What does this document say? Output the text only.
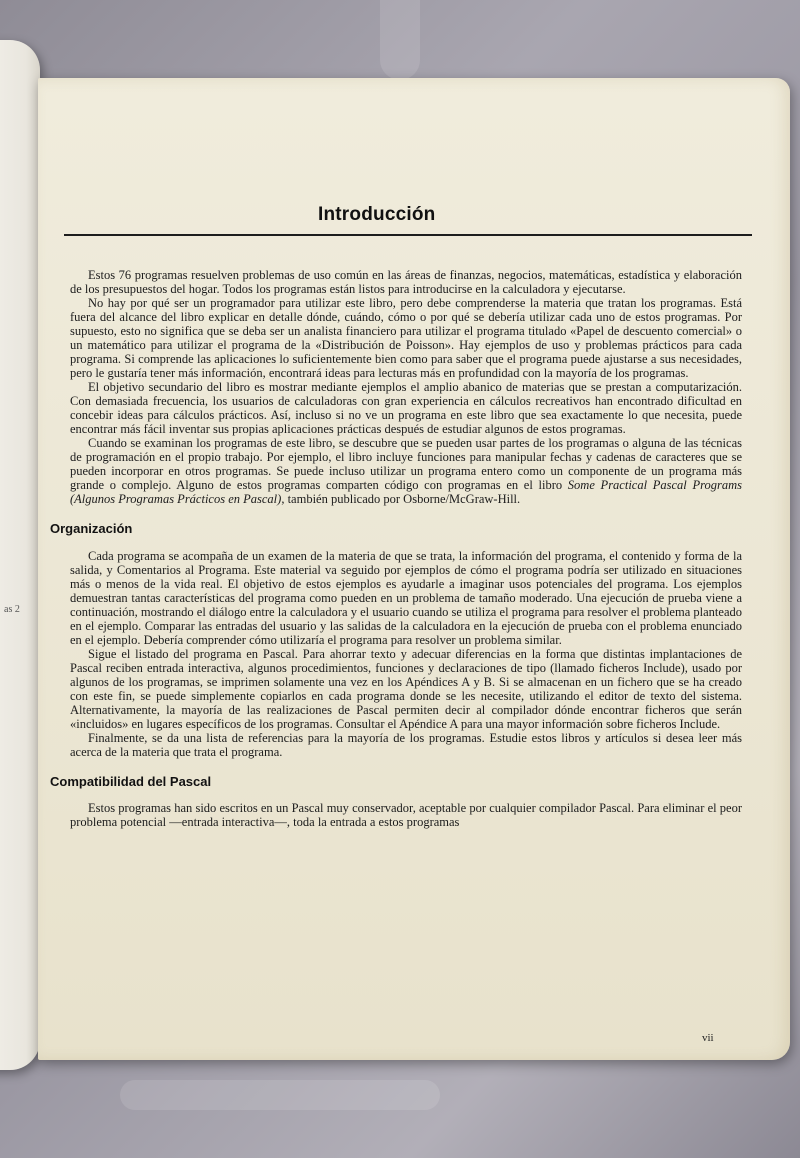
as 2
Introducción

Estos 76 programas resuelven problemas de uso común en las áreas de finanzas, negocios, matemáticas, estadística y elaboración de los presupuestos del hogar. Todos los programas están listos para introducirse en la calculadora y ejecutarse.

No hay por qué ser un programador para utilizar este libro, pero debe comprenderse la materia que tratan los programas. Está fuera del alcance del libro explicar en detalle dónde, cuándo, cómo o por qué se debería utilizar cada uno de estos programas. Por supuesto, esto no significa que se deba ser un analista financiero para utilizar el programa titulado «Papel de descuento comercial» o un matemático para utilizar el programa de la «Distribución de Poisson». Hay ejemplos de uso y problemas prácticos para cada programa. Si comprende las aplicaciones lo suficientemente bien como para saber que el programa puede ajustarse a sus necesidades, pero le gustaría tener más información, encontrará ideas para lecturas más en profundidad con la mayoría de los programas.

El objetivo secundario del libro es mostrar mediante ejemplos el amplio abanico de materias que se prestan a computarización. Con demasiada frecuencia, los usuarios de calculadoras con gran experiencia en cálculos recreativos han encontrado dificultad en concebir ideas para cálculos prácticos. Así, incluso si no ve un programa en este libro que sea exactamente lo que necesita, puede encontrar más fácil inventar sus propias aplicaciones prácticas después de estudiar algunos de estos programas.

Cuando se examinan los programas de este libro, se descubre que se pueden usar partes de los programas o alguna de las técnicas de programación en el propio trabajo. Por ejemplo, el libro incluye funciones para manipular fechas y cadenas de caracteres que se pueden incorporar en otros programas. Se puede incluso utilizar un programa entero como un componente de un programa más grande o complejo. Alguno de estos programas comparten código con programas en el libro Some Practical Pascal Programs (Algunos Programas Prácticos en Pascal), también publicado por Osborne/McGraw-Hill.

Organización

Cada programa se acompaña de un examen de la materia de que se trata, la información del programa, el contenido y forma de la salida, y Comentarios al Programa. Este material va seguido por ejemplos de cómo el programa podría ser utilizado en situaciones más o menos de la vida real. El objetivo de estos ejemplos es ayudarle a imaginar usos potenciales del programa. Los ejemplos demuestran tantas características del programa como pueden en un problema de tamaño moderado. Una ejecución de prueba viene a continuación, mostrando el diálogo entre la calculadora y el usuario cuando se utiliza el programa para resolver el problema planteado en el ejemplo. Comparar las entradas del usuario y las salidas de la calculadora en la ejecución de prueba con el problema enunciado en el ejemplo. Debería comprender cómo utilizaría el programa para resolver un problema similar.

Sigue el listado del programa en Pascal. Para ahorrar texto y adecuar diferencias en la forma que distintas implantaciones de Pascal reciben entrada interactiva, algunos procedimientos, funciones y declaraciones de tipo (llamado ficheros Include), usado por algunos de los programas, se imprimen solamente una vez en los Apéndices A y B. Si se almacenan en un fichero que se ha creado con este fin, se puede simplemente copiarlos en cada programa donde se les necesite, utilizando el editor de texto del sistema. Alternativamente, la mayoría de las realizaciones de Pascal permiten decir al compilador dónde encontrar ficheros que serán «incluidos» en lugares específicos de los programas. Consultar el Apéndice A para una mayor información sobre ficheros Include.

Finalmente, se da una lista de referencias para la mayoría de los programas. Estudie estos libros y artículos si desea leer más acerca de la materia que trata el programa.

Compatibilidad del Pascal

Estos programas han sido escritos en un Pascal muy conservador, aceptable por cualquier compilador Pascal. Para eliminar el peor problema potencial —entrada interactiva—, toda la entrada a estos programas

vii
